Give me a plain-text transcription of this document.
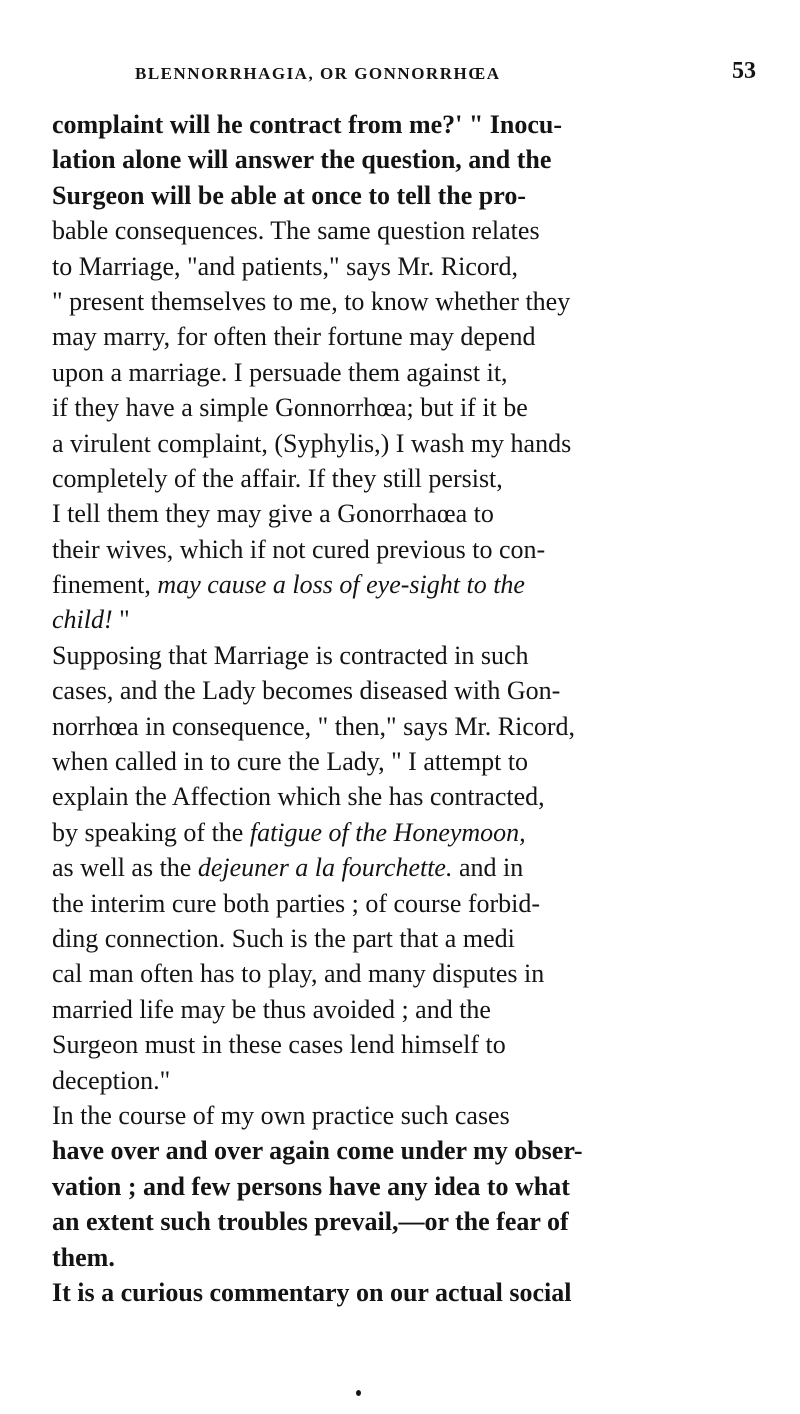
BLENNORRHAGIA, OR GONNORRHŒA	53
complaint will he contract from me?' " Inocu-
lation alone will answer the question, and the
Surgeon will be able at once to tell the pro-
bable consequences. The same question relates
to Marriage, "and patients," says Mr. Ricord,
" present themselves to me, to know whether they
may marry, for often their fortune may depend
upon a marriage. I persuade them against it,
if they have a simple Gonnorrhœa; but if it be
a virulent complaint, (Syphylis,) I wash my hands
completely of the affair. If they still persist,
I tell them they may give a Gonorrhaœa to
their wives, which if not cured previous to con-
finement, may cause a loss of eye-sight to the
child! "
Supposing that Marriage is contracted in such
cases, and the Lady becomes diseased with Gon-
norrhœa in consequence, " then," says Mr. Ricord,
when called in to cure the Lady, " I attempt to
explain the Affection which she has contracted,
by speaking of the fatigue of the Honeymoon,
as well as the dejeuner a la fourchette. and in
the interim cure both parties ; of course forbid-
ding connection. Such is the part that a medi
cal man often has to play, and many disputes in
married life may be thus avoided ; and the
Surgeon must in these cases lend himself to
deception."
In the course of my own practice such cases
have over and over again come under my obser-
vation ; and few persons have any idea to what
an extent such troubles prevail,—or the fear of
them.
It is a curious commentary on our actual social
